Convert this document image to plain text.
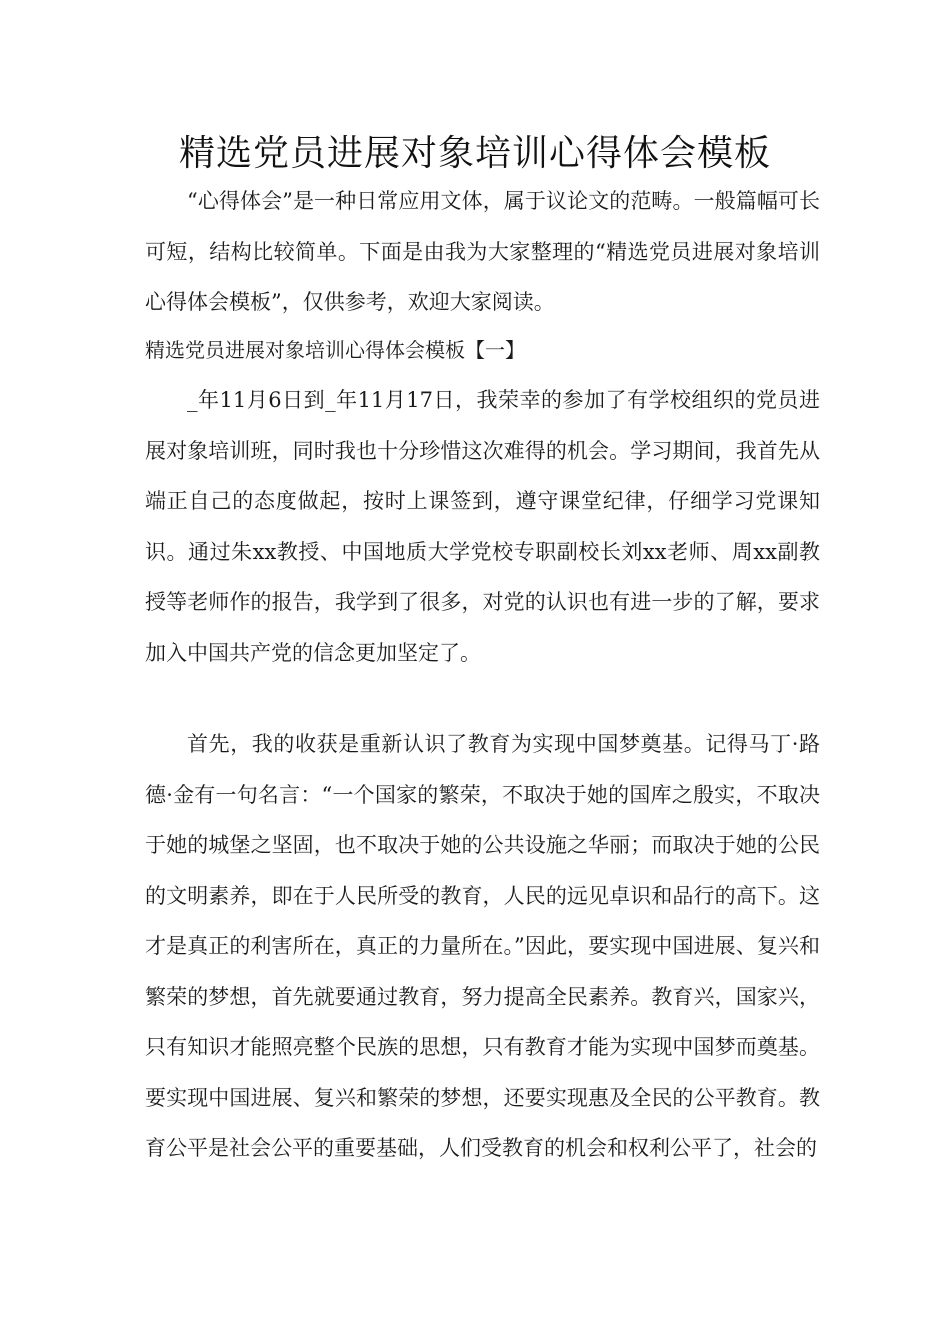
精选党员进展对象培训心得体会模板

“心得体会”是一种日常应用文体，属于议论文的范畴。一般篇幅可长可短，结构比较简单。下面是由我为大家整理的“精选党员进展对象培训心得体会模板”，仅供参考，欢迎大家阅读。

精选党员进展对象培训心得体会模板【一】

_年11月6日到_年11月17日，我荣幸的参加了有学校组织的党员进展对象培训班，同时我也十分珍惜这次难得的机会。学习期间，我首先从端正自己的态度做起，按时上课签到，遵守课堂纪律，仔细学习党课知识。通过朱xx教授、中国地质大学党校专职副校长刘xx老师、周xx副教授等老师作的报告，我学到了很多，对党的认识也有进一步的了解，要求加入中国共产党的信念更加坚定了。

首先，我的收获是重新认识了教育为实现中国梦奠基。记得马丁·路德·金有一句名言：“一个国家的繁荣，不取决于她的国库之殷实，不取决于她的城堡之坚固，也不取决于她的公共设施之华丽；而取决于她的公民的文明素养，即在于人民所受的教育，人民的远见卓识和品行的高下。这才是真正的利害所在，真正的力量所在。”因此，要实现中国进展、复兴和繁荣的梦想，首先就要通过教育，努力提高全民素养。教育兴，国家兴，只有知识才能照亮整个民族的思想，只有教育才能为实现中国梦而奠基。要实现中国进展、复兴和繁荣的梦想，还要实现惠及全民的公平教育。教育公平是社会公平的重要基础，人们受教育的机会和权利公平了，社会的
